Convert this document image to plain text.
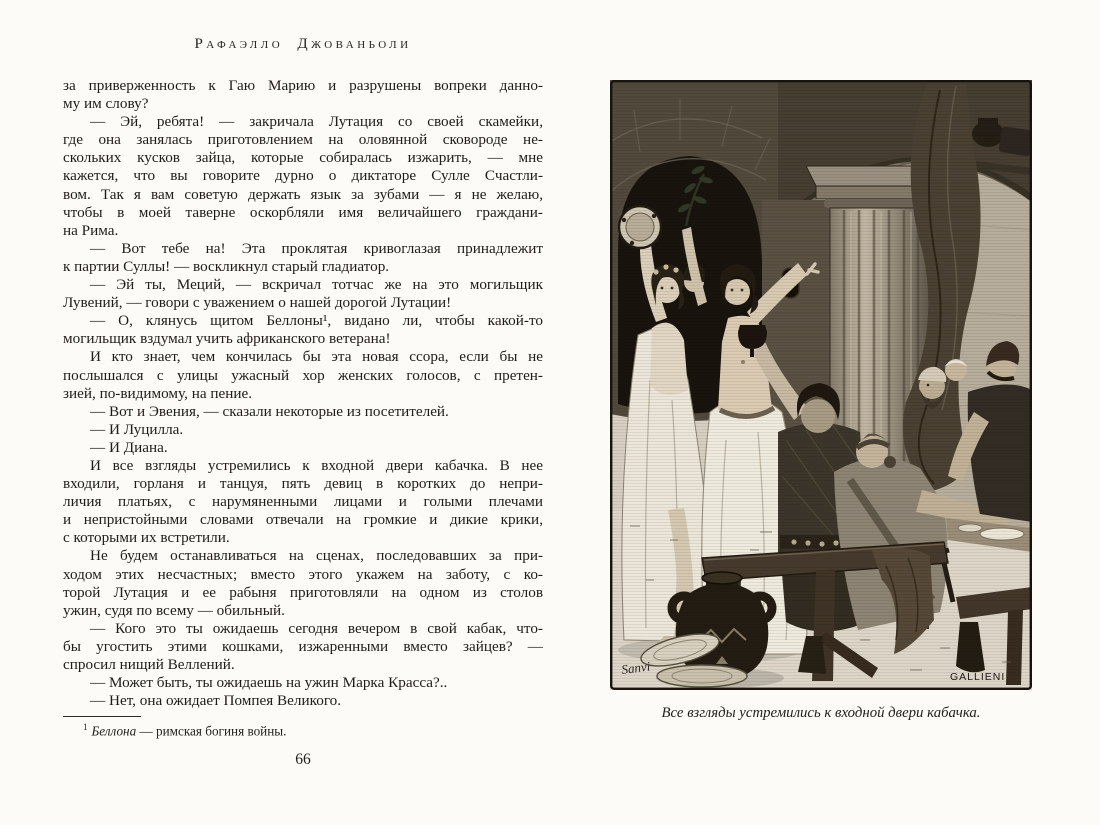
Рафаэлло Джованьоли
за приверженность к Гаю Марию и разрушены вопреки данно-
му им слову?
— Эй, ребята! — закричала Лутация со своей скамейки,
где она занялась приготовлением на оловянной сковороде не-
скольких кусков зайца, которые собиралась изжарить, — мне
кажется, что вы говорите дурно о диктаторе Сулле Счастли-
вом. Так я вам советую держать язык за зубами — я не желаю,
чтобы в моей таверне оскорбляли имя величайшего граждани-
на Рима.
— Вот тебе на! Эта проклятая кривоглазая принадлежит
к партии Суллы! — воскликнул старый гладиатор.
— Эй ты, Меций, — вскричал тотчас же на это могильщик
Лувений, — говори с уважением о нашей дорогой Лутации!
— О, клянусь щитом Беллоны¹, видано ли, чтобы какой-то
могильщик вздумал учить африканского ветерана!
И кто знает, чем кончилась бы эта новая ссора, если бы не
послышался с улицы ужасный хор женских голосов, с претен-
зией, по-видимому, на пение.
— Вот и Эвения, — сказали некоторые из посетителей.
— И Луцилла.
— И Диана.
И все взгляды устремились к входной двери кабачка. В нее
входили, горланя и танцуя, пять девиц в коротких до непри-
личия платьях, с нарумяненными лицами и голыми плечами
и непристойными словами отвечали на громкие и дикие крики,
с которыми их встретили.
Не будем останавливаться на сценах, последовавших за при-
ходом этих несчастных; вместо этого укажем на заботу, с ко-
торой Лутация и ее рабыня приготовляли на одном из столов
ужин, судя по всему — обильный.
— Кого это ты ожидаешь сегодня вечером в свой кабак, что-
бы угостить этими кошками, изжаренными вместо зайцев? —
спросил нищий Веллений.
— Может быть, ты ожидаешь на ужин Марка Красса?..
— Нет, она ожидает Помпея Великого.
$^1$ Беллона — римская богиня войны.
66
Sanvi
GALLIENI
Все взгляды устремились к входной двери кабачка.
